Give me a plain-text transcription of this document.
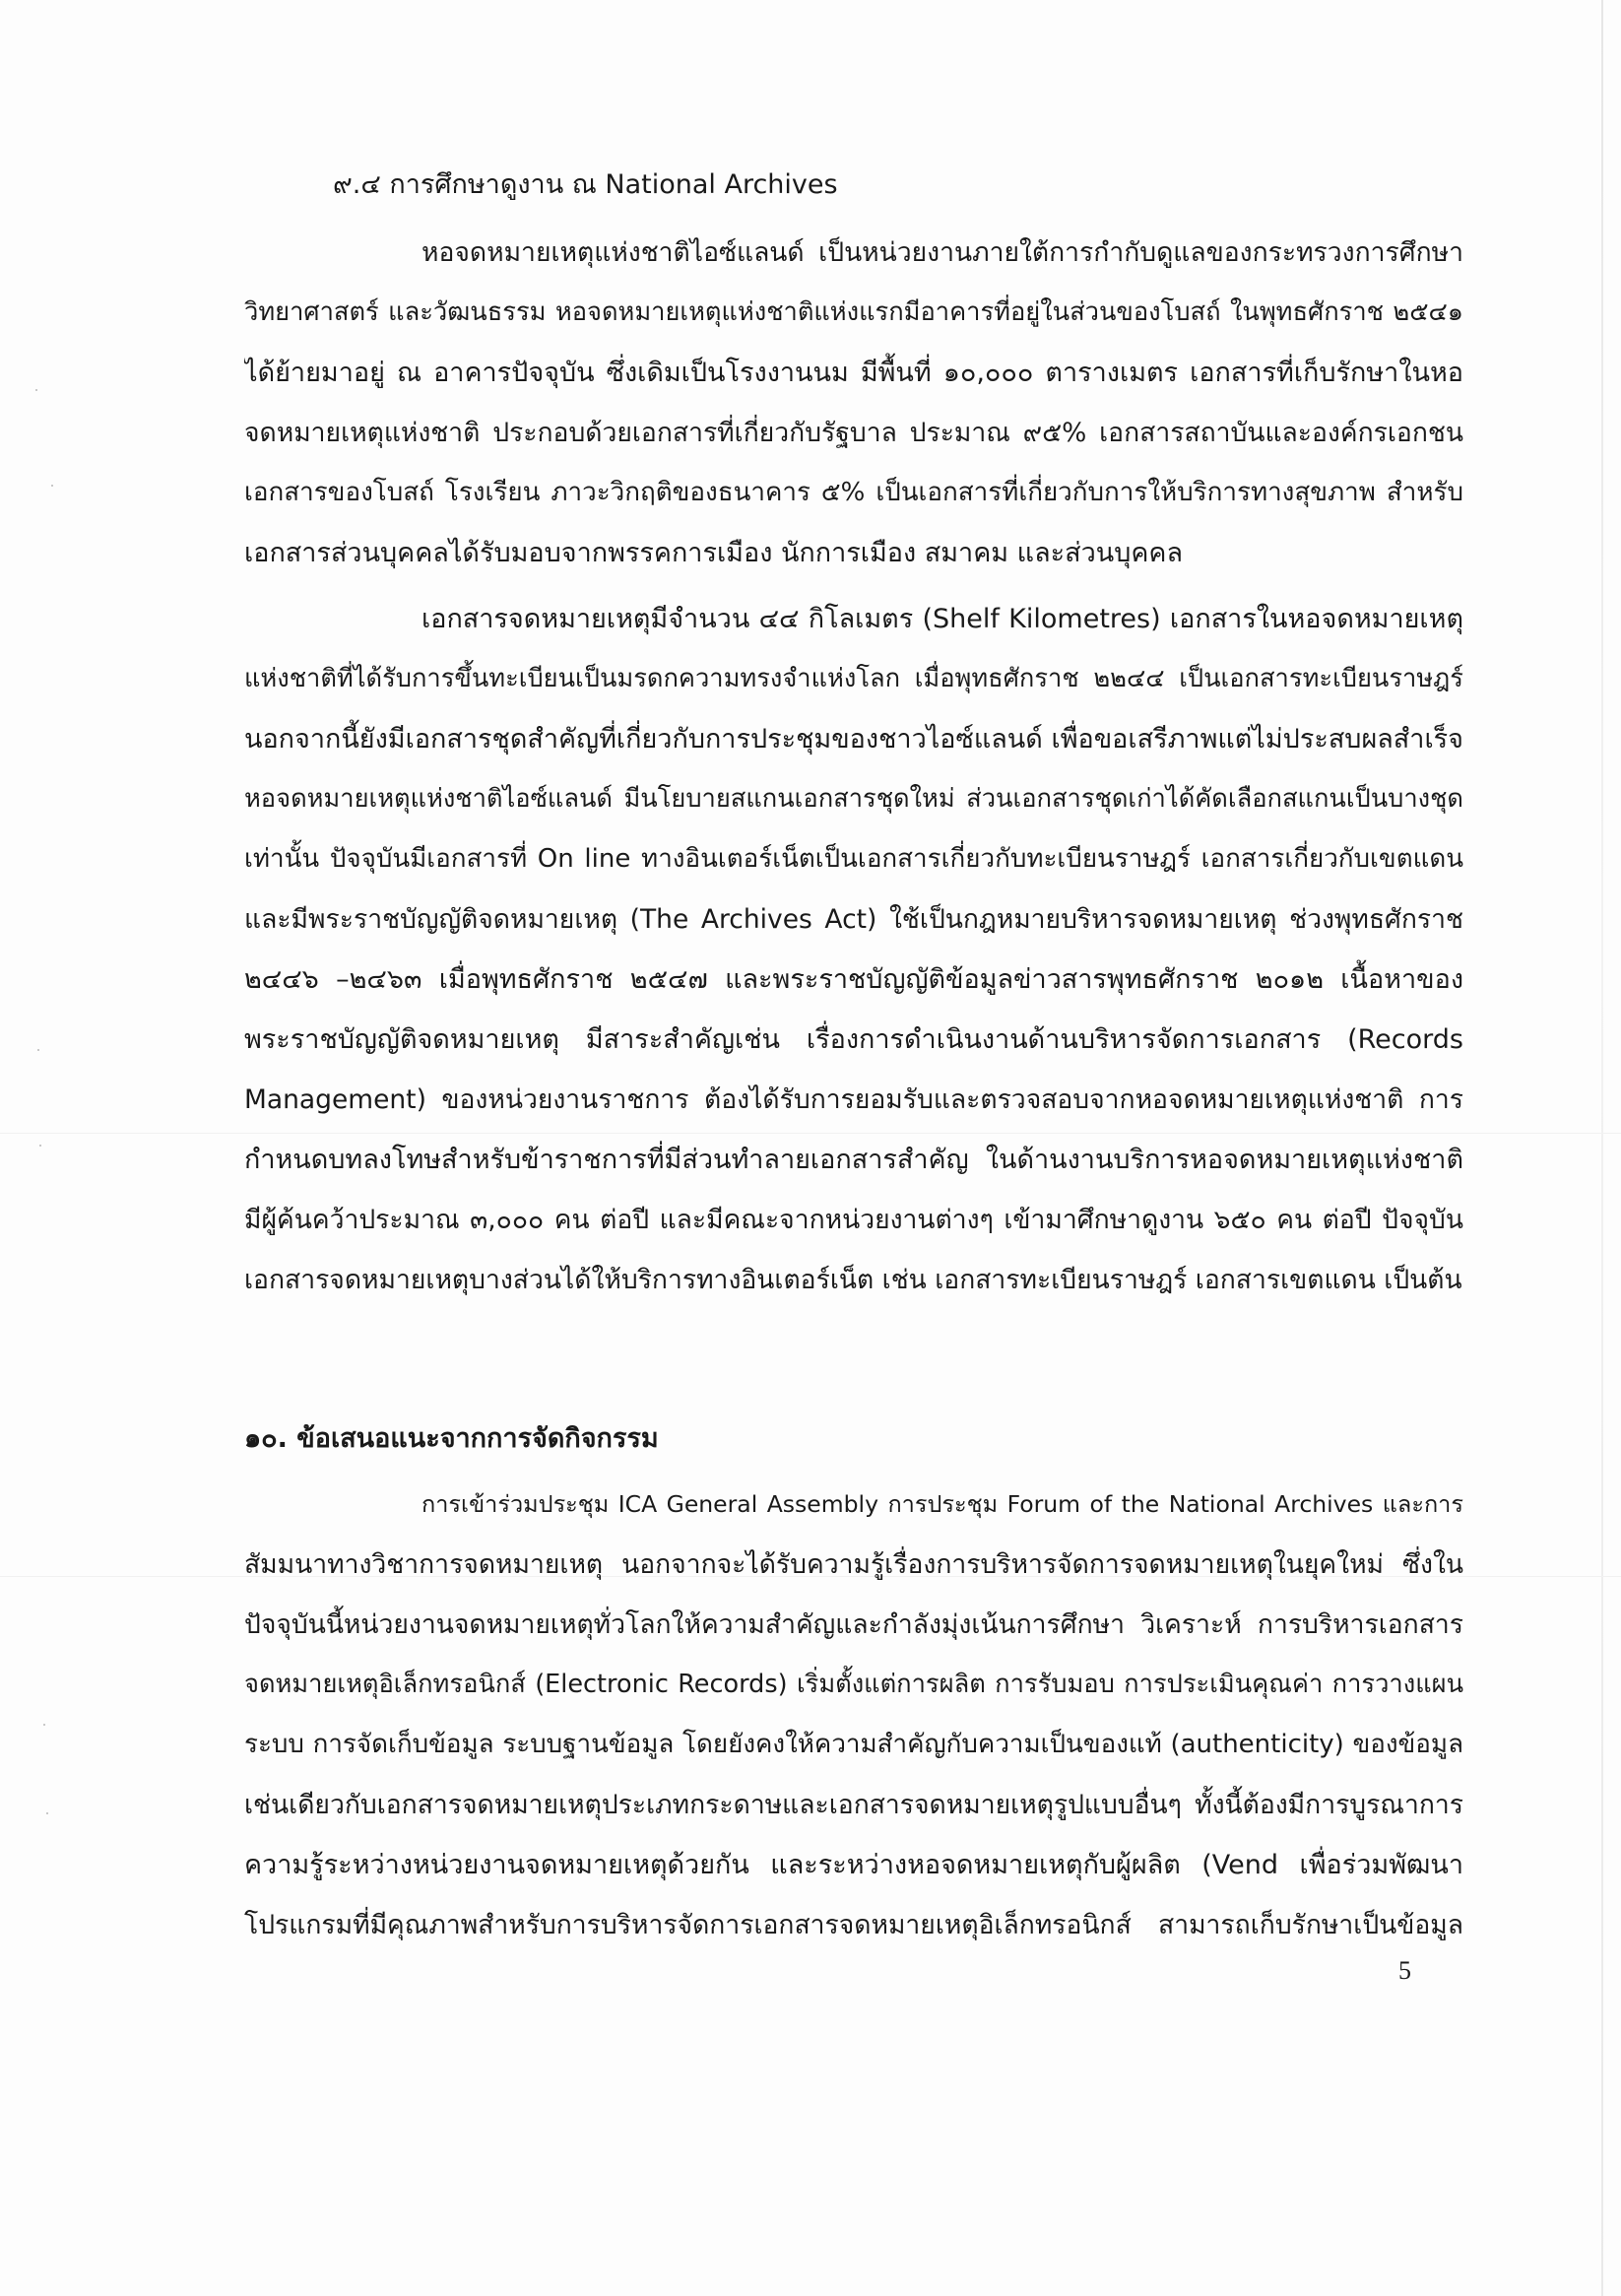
๙.๔ การศึกษาดูงาน ณ National Archives
หอจดหมายเหตุแห่งชาติไอซ์แลนด์ เป็นหน่วยงานภายใต้การกำกับดูแลของกระทรวงการศึกษา
วิทยาศาสตร์ และวัฒนธรรม หอจดหมายเหตุแห่งชาติแห่งแรกมีอาคารที่อยู่ในส่วนของโบสถ์ ในพุทธศักราช ๒๕๔๑
ได้ย้ายมาอยู่ ณ อาคารปัจจุบัน ซึ่งเดิมเป็นโรงงานนม มีพื้นที่ ๑๐,๐๐๐ ตารางเมตร เอกสารที่เก็บรักษาในหอ
จดหมายเหตุแห่งชาติ ประกอบด้วยเอกสารที่เกี่ยวกับรัฐบาล ประมาณ ๙๕% เอกสารสถาบันและองค์กรเอกชน
เอกสารของโบสถ์ โรงเรียน ภาวะวิกฤติของธนาคาร ๕% เป็นเอกสารที่เกี่ยวกับการให้บริการทางสุขภาพ สำหรับ
เอกสารส่วนบุคคลได้รับมอบจากพรรคการเมือง นักการเมือง สมาคม และส่วนบุคคล
เอกสารจดหมายเหตุมีจำนวน ๔๔ กิโลเมตร (Shelf Kilometres) เอกสารในหอจดหมายเหตุ
แห่งชาติที่ได้รับการขึ้นทะเบียนเป็นมรดกความทรงจำแห่งโลก เมื่อพุทธศักราช ๒๒๔๔ เป็นเอกสารทะเบียนราษฎร์
นอกจากนี้ยังมีเอกสารชุดสำคัญที่เกี่ยวกับการประชุมของชาวไอซ์แลนด์ เพื่อขอเสรีภาพแต่ไม่ประสบผลสำเร็จ
หอจดหมายเหตุแห่งชาติไอซ์แลนด์ มีนโยบายสแกนเอกสารชุดใหม่ ส่วนเอกสารชุดเก่าได้คัดเลือกสแกนเป็นบางชุด
เท่านั้น ปัจจุบันมีเอกสารที่ On line ทางอินเตอร์เน็ตเป็นเอกสารเกี่ยวกับทะเบียนราษฎร์ เอกสารเกี่ยวกับเขตแดน
และมีพระราชบัญญัติจดหมายเหตุ (The Archives Act) ใช้เป็นกฎหมายบริหารจดหมายเหตุ ช่วงพุทธศักราช
๒๔๔๖ –๒๔๖๓ เมื่อพุทธศักราช ๒๕๔๗ และพระราชบัญญัติข้อมูลข่าวสารพุทธศักราช ๒๐๑๒ เนื้อหาของ
พระราชบัญญัติจดหมายเหตุ มีสาระสำคัญเช่น เรื่องการดำเนินงานด้านบริหารจัดการเอกสาร (Records
Management) ของหน่วยงานราชการ ต้องได้รับการยอมรับและตรวจสอบจากหอจดหมายเหตุแห่งชาติ การ
กำหนดบทลงโทษสำหรับข้าราชการที่มีส่วนทำลายเอกสารสำคัญ ในด้านงานบริการหอจดหมายเหตุแห่งชาติ
มีผู้ค้นคว้าประมาณ ๓,๐๐๐ คน ต่อปี และมีคณะจากหน่วยงานต่างๆ เข้ามาศึกษาดูงาน ๖๕๐ คน ต่อปี ปัจจุบัน
เอกสารจดหมายเหตุบางส่วนได้ให้บริการทางอินเตอร์เน็ต เช่น เอกสารทะเบียนราษฎร์ เอกสารเขตแดน เป็นต้น
๑๐. ข้อเสนอแนะจากการจัดกิจกรรม
การเข้าร่วมประชุม ICA General Assembly การประชุม Forum of the National Archives และการ
สัมมนาทางวิชาการจดหมายเหตุ นอกจากจะได้รับความรู้เรื่องการบริหารจัดการจดหมายเหตุในยุคใหม่ ซึ่งใน
ปัจจุบันนี้หน่วยงานจดหมายเหตุทั่วโลกให้ความสำคัญและกำลังมุ่งเน้นการศึกษา วิเคราะห์ การบริหารเอกสาร
จดหมายเหตุอิเล็กทรอนิกส์ (Electronic Records) เริ่มตั้งแต่การผลิต การรับมอบ การประเมินคุณค่า การวางแผน
ระบบ การจัดเก็บข้อมูล ระบบฐานข้อมูล โดยยังคงให้ความสำคัญกับความเป็นของแท้ (authenticity) ของข้อมูล
เช่นเดียวกับเอกสารจดหมายเหตุประเภทกระดาษและเอกสารจดหมายเหตุรูปแบบอื่นๆ ทั้งนี้ต้องมีการบูรณาการ
ความรู้ระหว่างหน่วยงานจดหมายเหตุด้วยกัน และระหว่างหอจดหมายเหตุกับผู้ผลิต (Vend เพื่อร่วมพัฒนา
โปรแกรมที่มีคุณภาพสำหรับการบริหารจัดการเอกสารจดหมายเหตุอิเล็กทรอนิกส์ สามารถเก็บรักษาเป็นข้อมูล
5
